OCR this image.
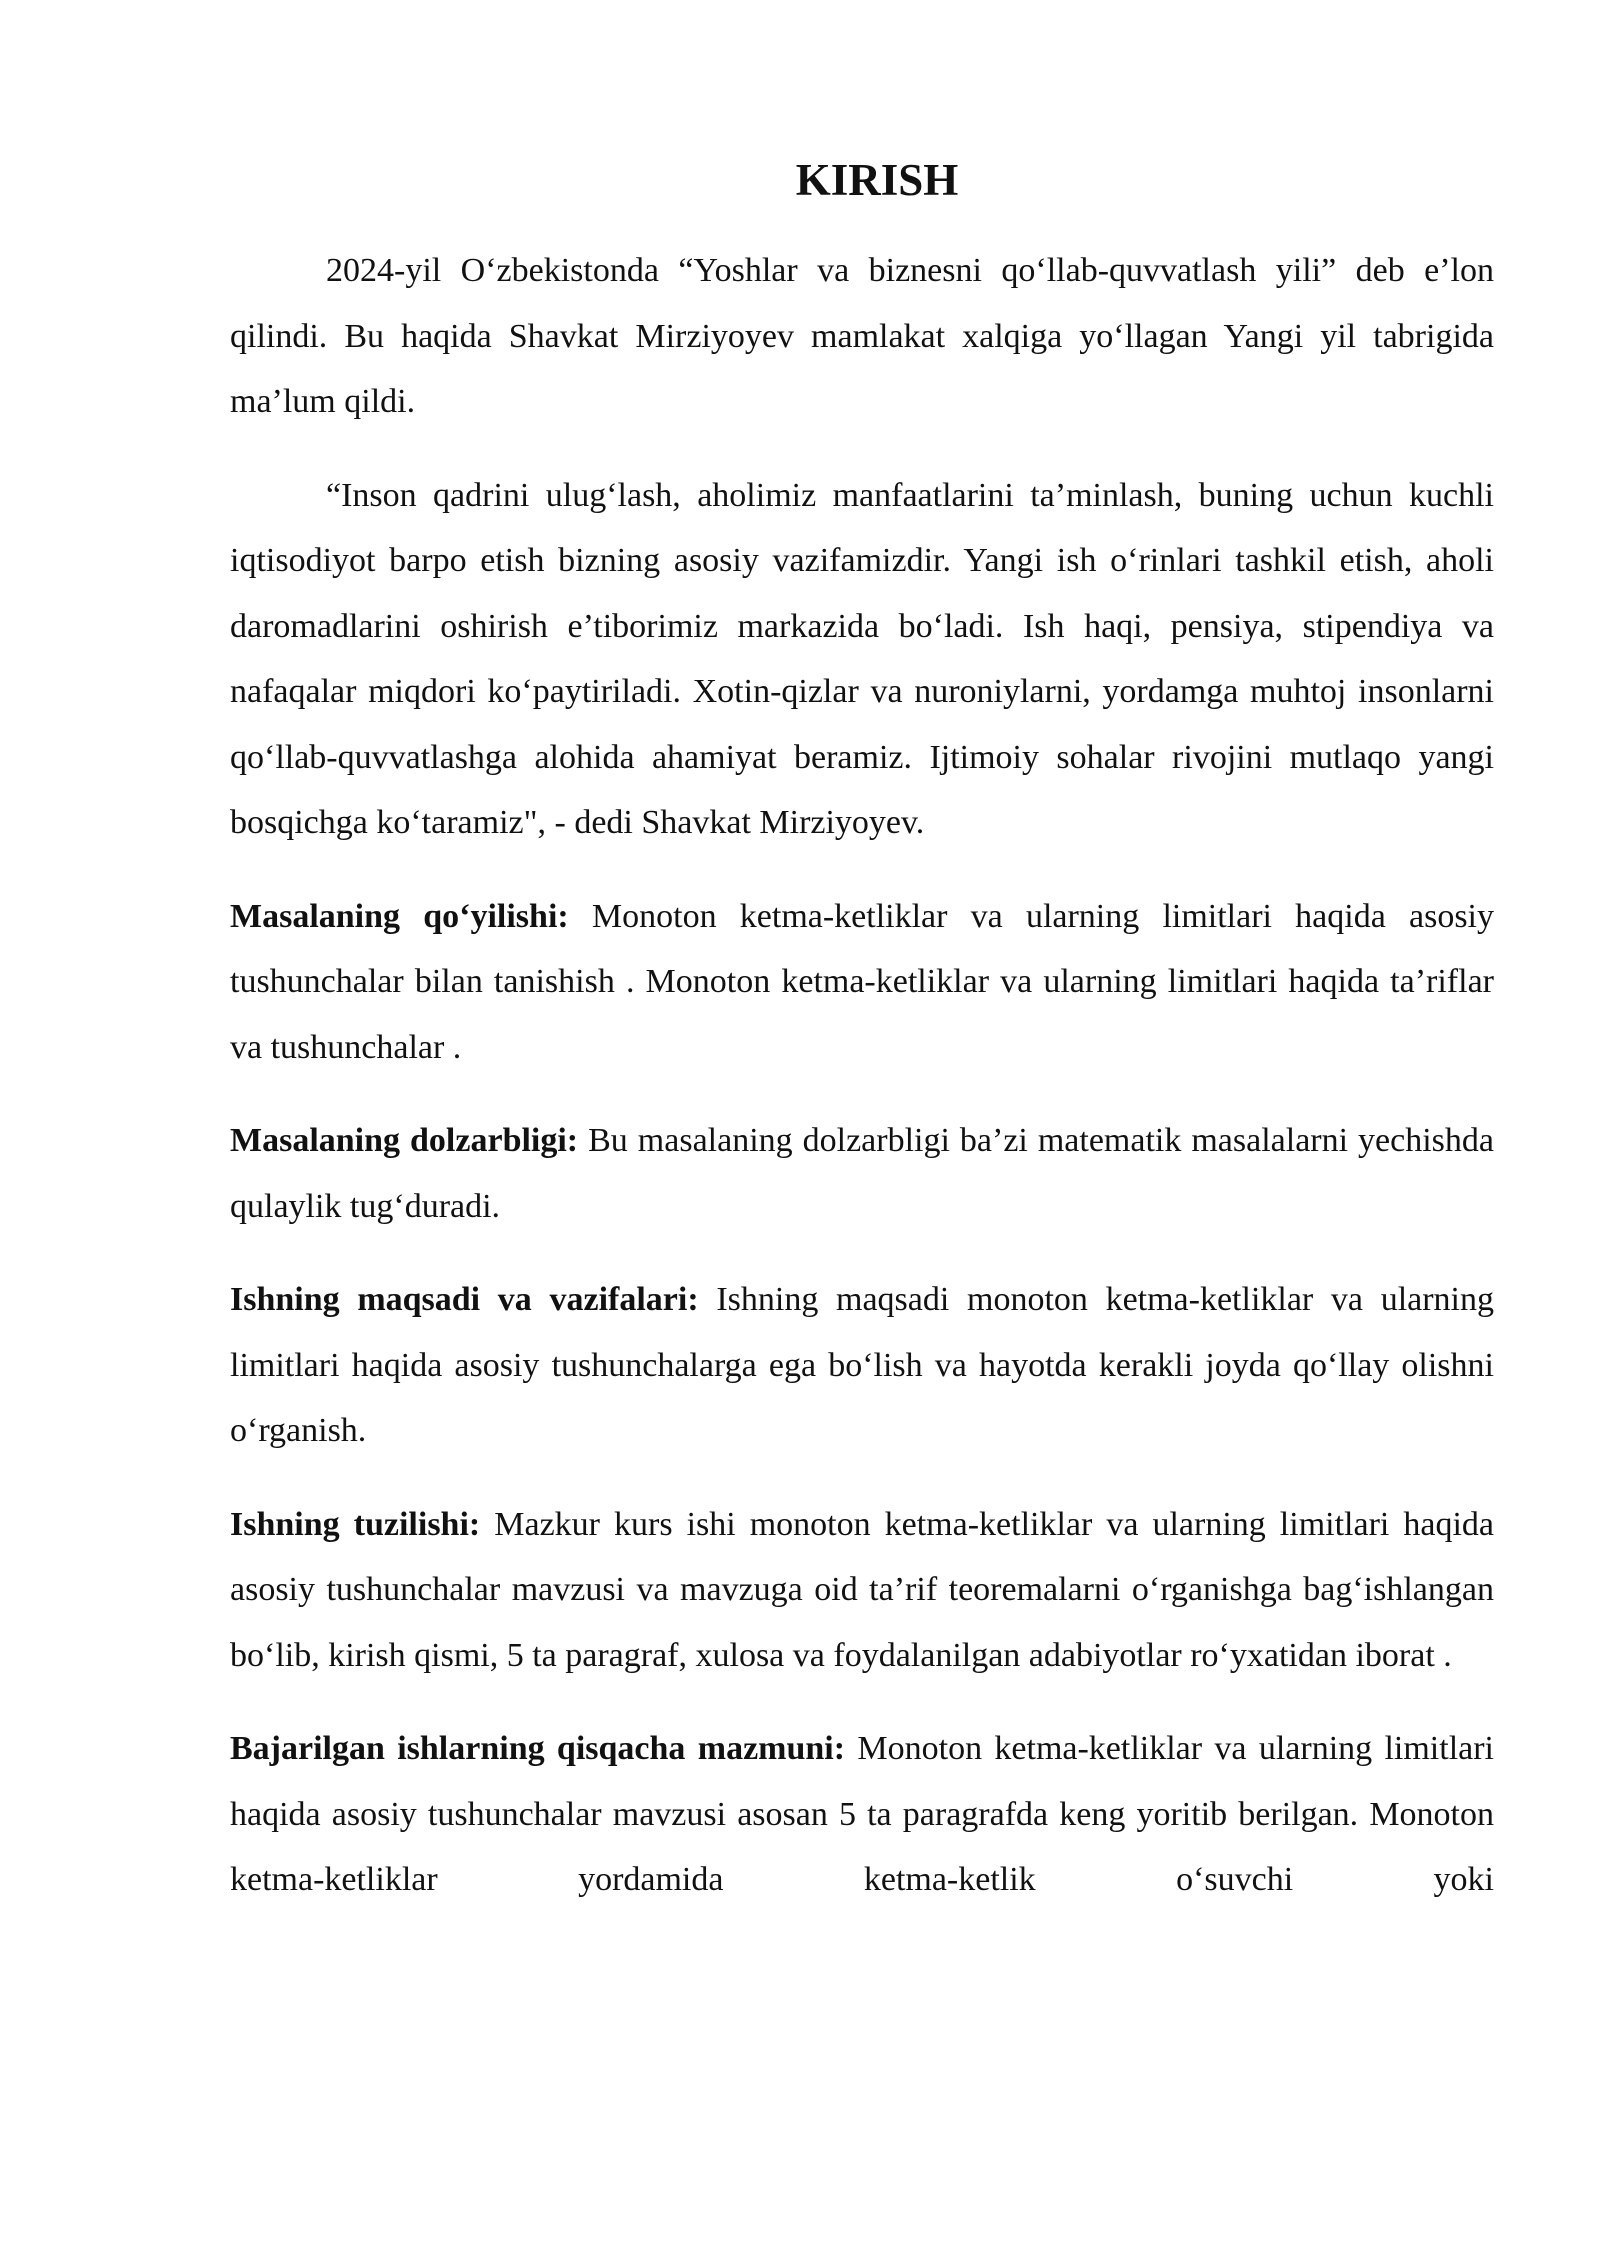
KIRISH

2024-yil O‘zbekistonda “Yoshlar va biznesni qo‘llab-quvvatlash yili” deb e’lon qilindi. Bu haqida Shavkat Mirziyoyev mamlakat xalqiga yo‘llagan Yangi yil tabrigida ma’lum qildi.

“Inson qadrini ulug‘lash, aholimiz manfaatlarini ta’minlash, buning uchun kuchli iqtisodiyot barpo etish bizning asosiy vazifamizdir. Yangi ish o‘rinlari tashkil etish, aholi daromadlarini oshirish e’tiborimiz markazida bo‘ladi. Ish haqi, pensiya, stipendiya va nafaqalar miqdori ko‘paytiriladi. Xotin-qizlar va nuroniylarni, yordamga muhtoj insonlarni qo‘llab-quvvatlashga alohida ahamiyat beramiz. Ijtimoiy sohalar rivojini mutlaqo yangi bosqichga ko‘taramiz", - dedi Shavkat Mirziyoyev.

Masalaning qo‘yilishi: Monoton ketma-ketliklar va ularning limitlari haqida asosiy tushunchalar bilan tanishish . Monoton ketma-ketliklar va ularning limitlari haqida ta’riflar va tushunchalar .

Masalaning dolzarbligi: Bu masalaning dolzarbligi ba’zi matematik masalalarni yechishda qulaylik tug‘duradi.

Ishning maqsadi va vazifalari: Ishning maqsadi monoton ketma-ketliklar va ularning limitlari haqida asosiy tushunchalarga ega bo‘lish va hayotda kerakli joyda qo‘llay olishni o‘rganish.

Ishning tuzilishi: Mazkur kurs ishi monoton ketma-ketliklar va ularning limitlari haqida asosiy tushunchalar mavzusi va mavzuga oid ta’rif teoremalarni o‘rganishga bag‘ishlangan bo‘lib, kirish qismi, 5 ta paragraf, xulosa va foydalanilgan adabiyotlar ro‘yxatidan iborat .

Bajarilgan ishlarning qisqacha mazmuni: Monoton ketma-ketliklar va ularning limitlari haqida asosiy tushunchalar mavzusi asosan 5 ta paragrafda keng yoritib berilgan. Monoton ketma-ketliklar yordamida ketma-ketlik o‘suvchi yoki
